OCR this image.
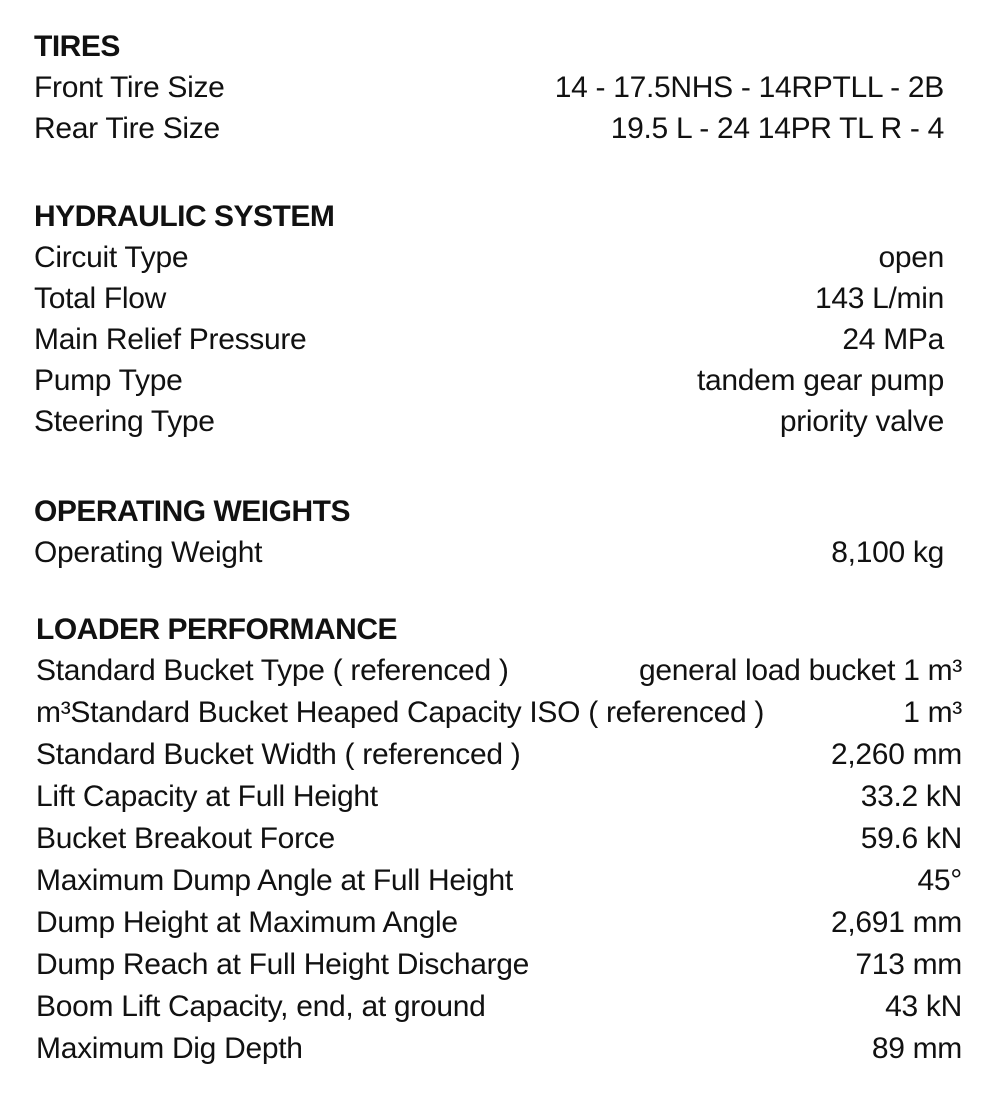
TIRES
Front Tire Size	14 - 17.5NHS - 14RPTLL - 2B
Rear Tire Size	19.5 L - 24 14PR TL R - 4
HYDRAULIC SYSTEM
Circuit Type	open
Total Flow	143 L/min
Main Relief Pressure	24 MPa
Pump Type	tandem gear pump
Steering Type	priority valve
OPERATING WEIGHTS
Operating Weight	8,100 kg
LOADER PERFORMANCE
Standard Bucket Type ( referenced )	general load bucket 1 m³
m³Standard Bucket Heaped Capacity ISO ( referenced )	1 m³
Standard Bucket Width ( referenced )	2,260 mm
Lift Capacity at Full Height	33.2 kN
Bucket Breakout Force	59.6 kN
Maximum Dump Angle at Full Height	45°
Dump Height at Maximum Angle	2,691 mm
Dump Reach at Full Height Discharge	713 mm
Boom Lift Capacity, end, at ground	43 kN
Maximum Dig Depth	89 mm
